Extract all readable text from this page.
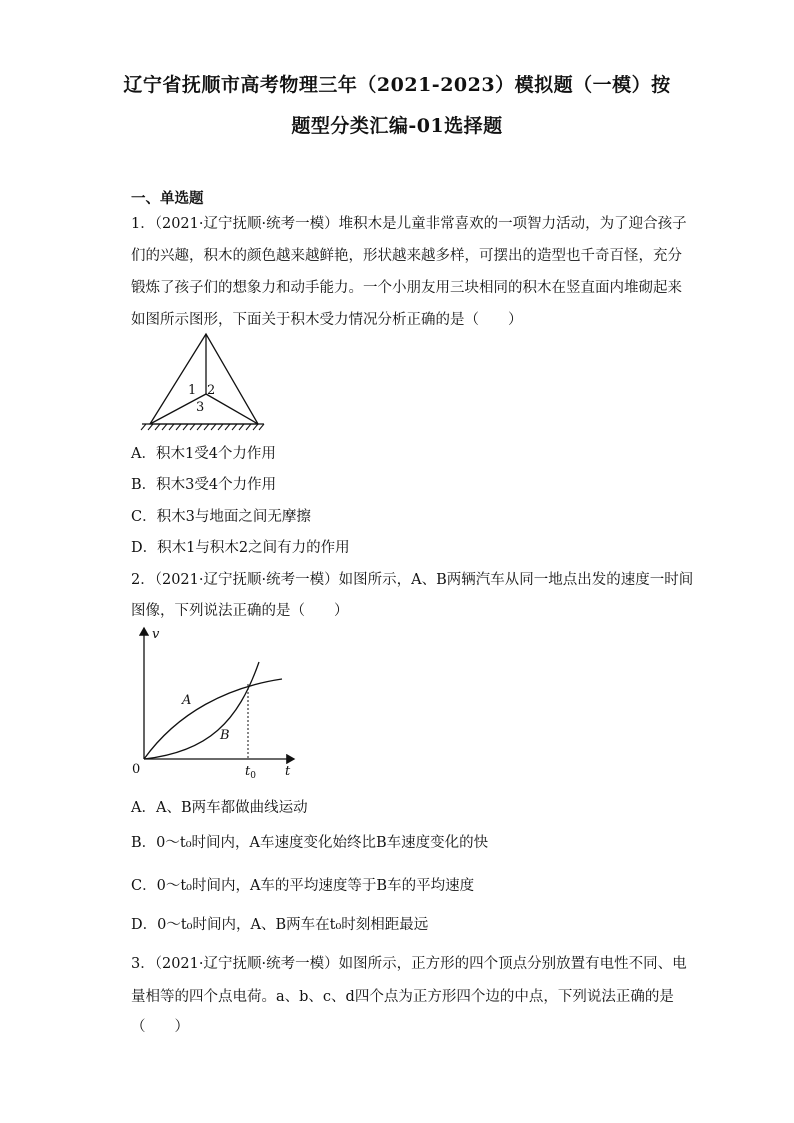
辽宁省抚顺市高考物理三年（2021-2023）模拟题（一模）按
题型分类汇编-01选择题
一、单选题
1．（2021·辽宁抚顺·统考一模）堆积木是儿童非常喜欢的一项智力活动，为了迎合孩子
们的兴趣，积木的颜色越来越鲜艳，形状越来越多样，可摆出的造型也千奇百怪，充分
锻炼了孩子们的想象力和动手能力。一个小朋友用三块相同的积木在竖直面内堆砌起来
如图所示图形，下面关于积木受力情况分析正确的是（　　）
1 2
3
A．积木1受4个力作用
B．积木3受4个力作用
C．积木3与地面之间无摩擦
D．积木1与积木2之间有力的作用
2．（2021·辽宁抚顺·统考一模）如图所示，A、B两辆汽车从同一地点出发的速度一时间
图像，下列说法正确的是（　　）
v
t
0
A
B
$t_0$
A．A、B两车都做曲线运动
B．0～t₀时间内，A车速度变化始终比B车速度变化的快
C．0～t₀时间内，A车的平均速度等于B车的平均速度
D．0～t₀时间内，A、B两车在t₀时刻相距最远
3．（2021·辽宁抚顺·统考一模）如图所示，正方形的四个顶点分别放置有电性不同、电
量相等的四个点电荷。a、b、c、d四个点为正方形四个边的中点，下列说法正确的是
（　　）
